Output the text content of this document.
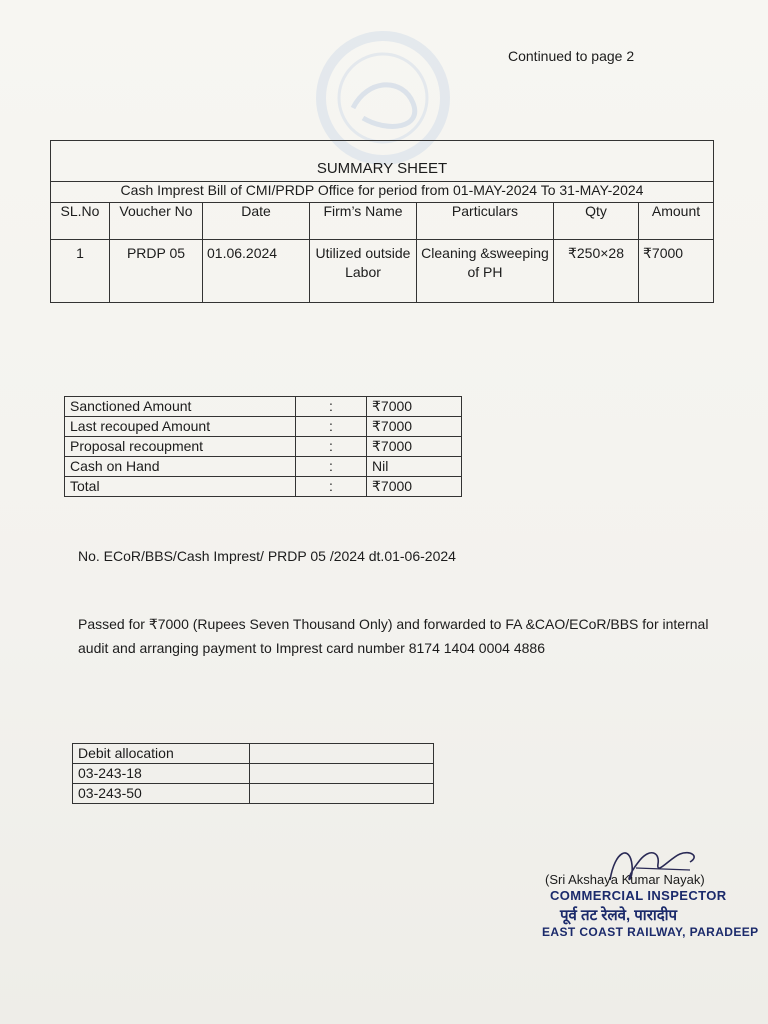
Continued to page 2
SUMMARY SHEET						
Cash Imprest Bill of CMI/PRDP Office for period from 01-MAY-2024 To 31-MAY-2024						
SL.No	Voucher No	Date	Firm’s Name	Particulars	Qty	Amount
1	PRDP 05	01.06.2024	Utilized outside Labor	Cleaning &sweeping of PH	₹250×28	₹7000
Sanctioned Amount	:	₹7000
Last recouped Amount	:	₹7000
Proposal recoupment	:	₹7000
Cash on Hand	:	Nil
Total	:	₹7000
No. ECoR/BBS/Cash Imprest/ PRDP 05 /2024 dt.01-06-2024
Passed for ₹7000 (Rupees Seven Thousand Only) and forwarded to FA &CAO/ECoR/BBS for internal audit and arranging payment to Imprest card number 8174 1404 0004 4886
Debit allocation	
03-243-18	
03-243-50	
(Sri Akshaya Kumar Nayak)
COMMERCIAL INSPECTOR
पूर्व तट रेलवे, पारादीप
EAST COAST RAILWAY, PARADEEP
